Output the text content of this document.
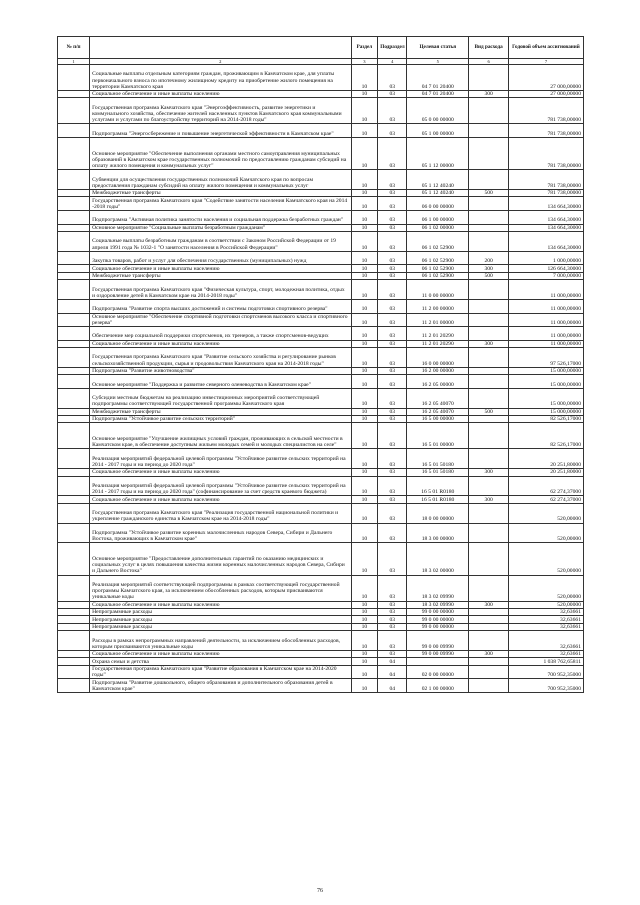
№ п/п		Раздел	Подраздел	Целевая статья	Вид расхода	Годовой объем ассигнований
1	2	3	4	5	6	7
	Социальные выплаты отдельным категориям граждан, проживающим в Камчатском крае, для уплаты первоначального взноса по ипотечному жилищному кредиту на приобретение жилого помещения на территории Камчатского края	10	03	04 7 01 20400		27 000,00000
	Социальное обеспечение и иные выплаты населению	10	03	04 7 01 20400	300	27 000,00000
	Государственная программа Камчатского края "Энергоэффективность, развитие энергетики и коммунального хозяйства, обеспечение жителей населенных пунктов Камчатского края коммунальными услугами и услугами по благоустройству территорий на 2014-2018 годы"	10	03	05 0 00 00000		781 738,00000
	Подпрограмма "Энергосбережение и повышение энергетической эффективности в Камчатском крае"	10	03	05 1 00 00000		781 738,00000
	Основное мероприятие "Обеспечение выполнения органами местного самоуправления муниципальных образований в Камчатском крае государственных полномочий по предоставлению гражданам субсидий на оплату жилого помещения и коммунальных услуг"	10	03	05 1 12 00000		781 738,00000
	Субвенции для осуществления государственных полномочий Камчатского края по вопросам предоставления гражданам субсидий на оплату жилого помещения и коммунальных услуг	10	03	05 1 12 40240		781 738,00000
	Межбюджетные трансферты	10	03	05 1 12 40240	500	781 738,00000
	Государственная программа Камчатского края "Содействие занятости населения Камчатского края на 2014 -2018 годы"	10	03	06 0 00 00000		134 664,30000
	Подпрограмма "Активная политика занятости населения и социальная поддержка безработных граждан"	10	03	06 1 00 00000		134 664,30000
	Основное мероприятие "Социальные выплаты безработным гражданам"	10	03	06 1 02 00000		134 664,30000
	Социальные выплаты безработным гражданам в соответствии с Законом Российской Федерации от 19 апреля 1991 года № 1032-1 "О занятости населения в Российской Федерации"	10	03	06 1 02 52900		134 664,30000
	Закупка товаров, работ и услуг для обеспечения государственных (муниципальных) нужд	10	03	06 1 02 52900	200	1 000,00000
	Социальное обеспечение и иные выплаты населению	10	03	06 1 02 52900	300	126 664,30000
	Межбюджетные трансферты	10	03	06 1 02 52900	500	7 000,00000
	Государственная программа Камчатского края "Физическая культура, спорт, молодежная политика, отдых и оздоровление детей в Камчатском крае на 2014-2018 годы"	10	03	11 0 00 00000		11 000,00000
	Подпрограмма "Развитие спорта высших достижений и системы подготовки спортивного резерва"	10	03	11 2 00 00000		11 000,00000
	Основное мероприятие "Обеспечение спортивной подготовки спортсменов высокого класса и спортивного резерва"	10	03	11 2 01 00000		11 000,00000
	Обеспечение мер социальной поддержки спортсменов, их тренеров, а также спортсменов-ведущих	10	03	11 2 01 20290		11 000,00000
	Социальное обеспечение и иные выплаты населению	10	03	11 2 01 20290	300	11 000,00000
	Государственная программа Камчатского края "Развитие сельского хозяйства и регулирование рынков сельскохозяйственной продукции, сырья и продовольствия Камчатского края на 2014-2018 годы"	10	03	16 0 00 00000		97 526,17000
	Подпрограмма "Развитие животноводства"	10	03	16 2 00 00000		15 000,00000
	Основное мероприятие "Поддержка и развитие северного оленеводства в Камчатском крае"	10	03	16 2 05 00000		15 000,00000
	Субсидии местным бюджетам на реализацию инвестиционных мероприятий соответствующей подпрограммы соответствующей государственной программы Камчатского края	10	03	16 2 05 40070		15 000,00000
	Межбюджетные трансферты	10	03	16 2 05 40070	500	15 000,00000
	Подпрограмма "Устойчивое развитие сельских территорий"	10	03	16 5 00 00000		82 526,17000
	Основное мероприятие "Улучшение жилищных условий граждан, проживающих в сельской местности в Камчатском крае, в обеспечение доступным жильем молодых семей и молодых специалистов на селе"	10	03	16 5 01 00000		82 526,17000
	Реализация мероприятий федеральной целевой программы "Устойчивое развитие сельских территорий на 2014 - 2017 годы и на период до 2020 года"	10	03	16 5 01 50180		20 251,80000
	Социальное обеспечение и иные выплаты населению	10	03	16 5 01 50180	300	20 251,80000
	Реализация мероприятий федеральной целевой программы "Устойчивое развитие сельских территорий на 2014 - 2017 годы и на период до 2020 года" (софинансирование за счет средств краевого бюджета)	10	03	16 5 01 R0180		62 274,37000
	Социальное обеспечение и иные выплаты населению	10	03	16 5 01 R0180	300	62 274,37000
	Государственная программа Камчатского края "Реализация государственной национальной политики и укрепление гражданского единства в Камчатском крае на 2014-2018 годы"	10	03	18 0 00 00000		520,00000
	Подпрограмма "Устойчивое развитие коренных малочисленных народов Севера, Сибири и Дальнего Востока, проживающих в Камчатском крае"	10	03	18 3 00 00000		520,00000
	Основное мероприятие "Предоставление дополнительных гарантий по оказанию медицинских и социальных услуг в целях повышения качества жизни коренных малочисленных народов Севера, Сибири и Дальнего Востока"	10	03	18 3 02 00000		520,00000
	Реализация мероприятий соответствующей подпрограммы в рамках соответствующей государственной программы Камчатского края, за исключением обособленных расходов, которым присваиваются уникальные коды	10	03	18 3 02 09990		520,00000
	Социальное обеспечение и иные выплаты населению	10	03	18 3 02 09990	300	520,00000
	Непрограммные расходы	10	03	99 0 00 00000		32,63661
	Непрограммные расходы	10	03	99 0 00 00000		32,63661
	Непрограммные расходы	10	03	99 0 00 00000		32,63661
	Расходы в рамках непрограммных направлений деятельности, за исключением обособленных расходов, которым присваиваются уникальные коды	10	03	99 0 00 09990		32,63661
	Социальное обеспечение и иные выплаты населению	10	03	99 0 00 09990	300	32,63661
	Охрана семьи и детства	10	04			1 038 762,65811
	Государственная программа Камчатского края "Развитие образования в Камчатском крае на 2014-2020 годы"	10	04	02 0 00 00000		700 952,35000
	Подпрограмма "Развитие дошкольного, общего образования и дополнительного образования детей в Камчатском крае"	10	04	02 1 00 00000		700 952,35000
76
